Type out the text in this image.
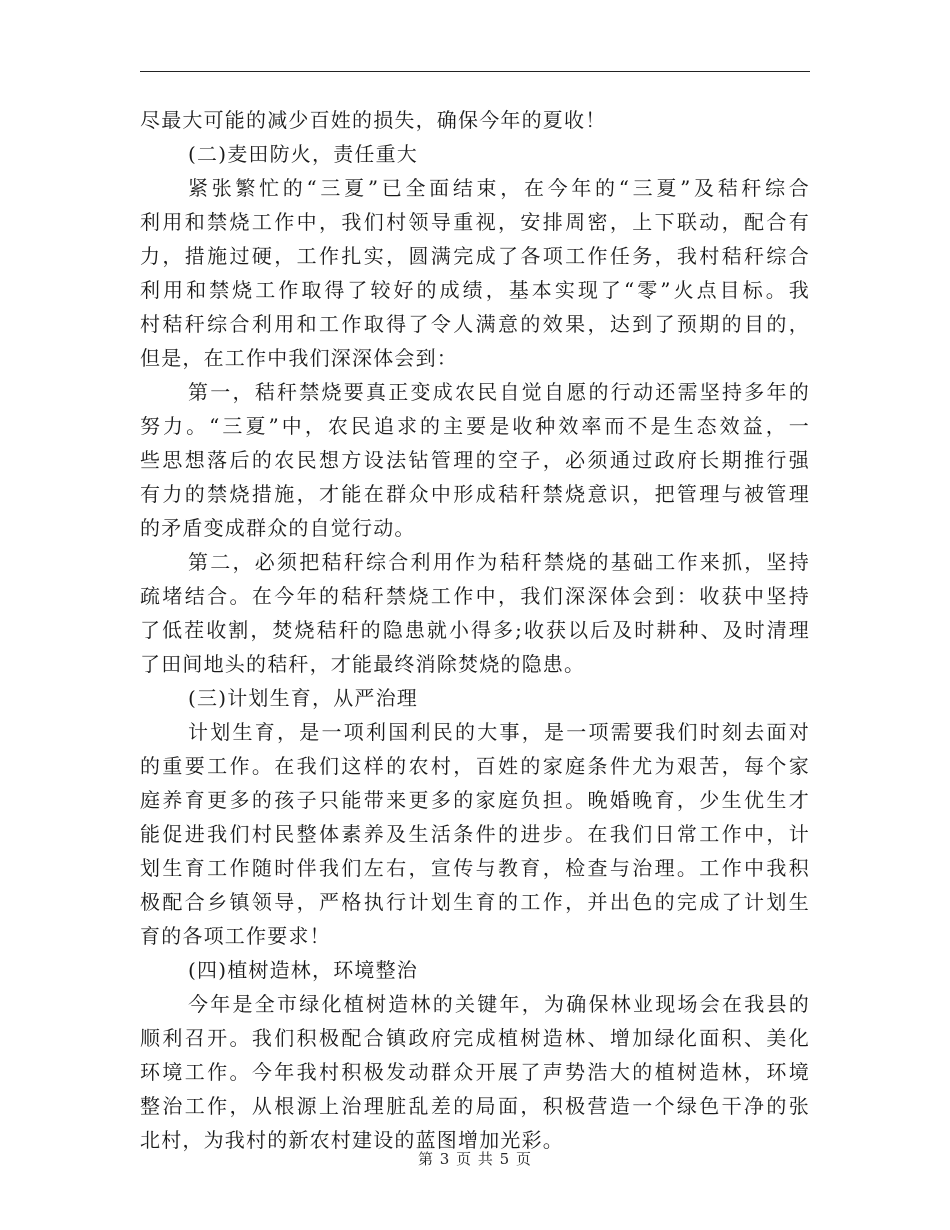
尽最大可能的减少百姓的损失，确保今年的夏收！
(二)麦田防火，责任重大
紧张繁忙的“三夏”已全面结束，在今年的“三夏”及秸秆综合
利用和禁烧工作中，我们村领导重视，安排周密，上下联动，配合有
力，措施过硬，工作扎实，圆满完成了各项工作任务，我村秸秆综合
利用和禁烧工作取得了较好的成绩，基本实现了“零”火点目标。我
村秸秆综合利用和工作取得了令人满意的效果，达到了预期的目的，
但是，在工作中我们深深体会到：
第一，秸秆禁烧要真正变成农民自觉自愿的行动还需坚持多年的
努力。“三夏”中，农民追求的主要是收种效率而不是生态效益，一
些思想落后的农民想方设法钻管理的空子，必须通过政府长期推行强
有力的禁烧措施，才能在群众中形成秸秆禁烧意识，把管理与被管理
的矛盾变成群众的自觉行动。
第二，必须把秸秆综合利用作为秸秆禁烧的基础工作来抓，坚持
疏堵结合。在今年的秸秆禁烧工作中，我们深深体会到：收获中坚持
了低茬收割，焚烧秸秆的隐患就小得多;收获以后及时耕种、及时清理
了田间地头的秸秆，才能最终消除焚烧的隐患。
(三)计划生育，从严治理
计划生育，是一项利国利民的大事，是一项需要我们时刻去面对
的重要工作。在我们这样的农村，百姓的家庭条件尤为艰苦，每个家
庭养育更多的孩子只能带来更多的家庭负担。晚婚晚育，少生优生才
能促进我们村民整体素养及生活条件的进步。在我们日常工作中，计
划生育工作随时伴我们左右，宣传与教育，检查与治理。工作中我积
极配合乡镇领导，严格执行计划生育的工作，并出色的完成了计划生
育的各项工作要求！
(四)植树造林，环境整治
今年是全市绿化植树造林的关键年，为确保林业现场会在我县的
顺利召开。我们积极配合镇政府完成植树造林、增加绿化面积、美化
环境工作。今年我村积极发动群众开展了声势浩大的植树造林，环境
整治工作，从根源上治理脏乱差的局面，积极营造一个绿色干净的张
北村，为我村的新农村建设的蓝图增加光彩。
第 3 页 共 5 页
